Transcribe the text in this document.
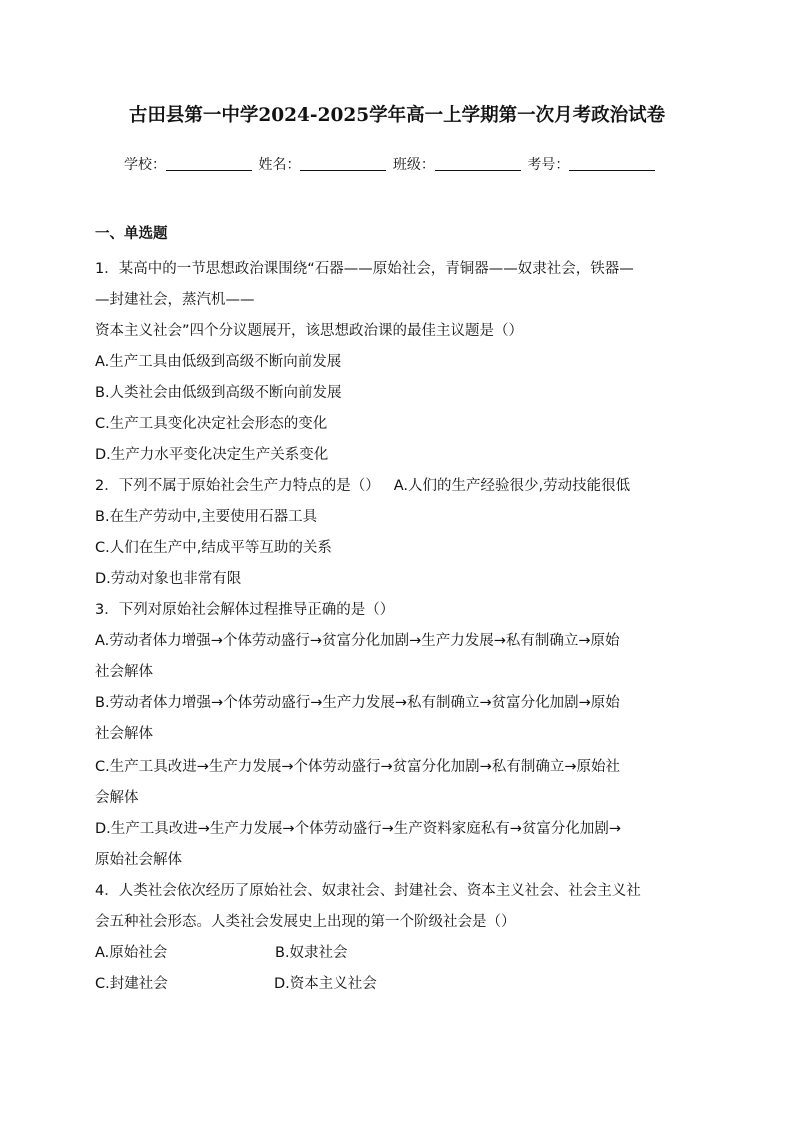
古田县第一中学2024-2025学年高一上学期第一次月考政治试卷
学校：	姓名：	班级：	考号：
一、单选题
1．某高中的一节思想政治课围绕“石器——原始社会，青铜器——奴隶社会，铁器—
—封建社会，蒸汽机——
资本主义社会”四个分议题展开，该思想政治课的最佳主议题是（）
A.生产工具由低级到高级不断向前发展
B.人类社会由低级到高级不断向前发展
C.生产工具变化决定社会形态的变化
D.生产力水平变化决定生产关系变化
2．下列不属于原始社会生产力特点的是（） A.人们的生产经验很少,劳动技能很低
B.在生产劳动中,主要使用石器工具
C.人们在生产中,结成平等互助的关系
D.劳动对象也非常有限
3．下列对原始社会解体过程推导正确的是（）
A.劳动者体力增强→个体劳动盛行→贫富分化加剧→生产力发展→私有制确立→原始
社会解体
B.劳动者体力增强→个体劳动盛行→生产力发展→私有制确立→贫富分化加剧→原始
社会解体
C.生产工具改进→生产力发展→个体劳动盛行→贫富分化加剧→私有制确立→原始社
会解体
D.生产工具改进→生产力发展→个体劳动盛行→生产资料家庭私有→贫富分化加剧→
原始社会解体
4．人类社会依次经历了原始社会、奴隶社会、封建社会、资本主义社会、社会主义社
会五种社会形态。人类社会发展史上出现的第一个阶级社会是（）
A.原始社会	B.奴隶社会
C.封建社会	D.资本主义社会
